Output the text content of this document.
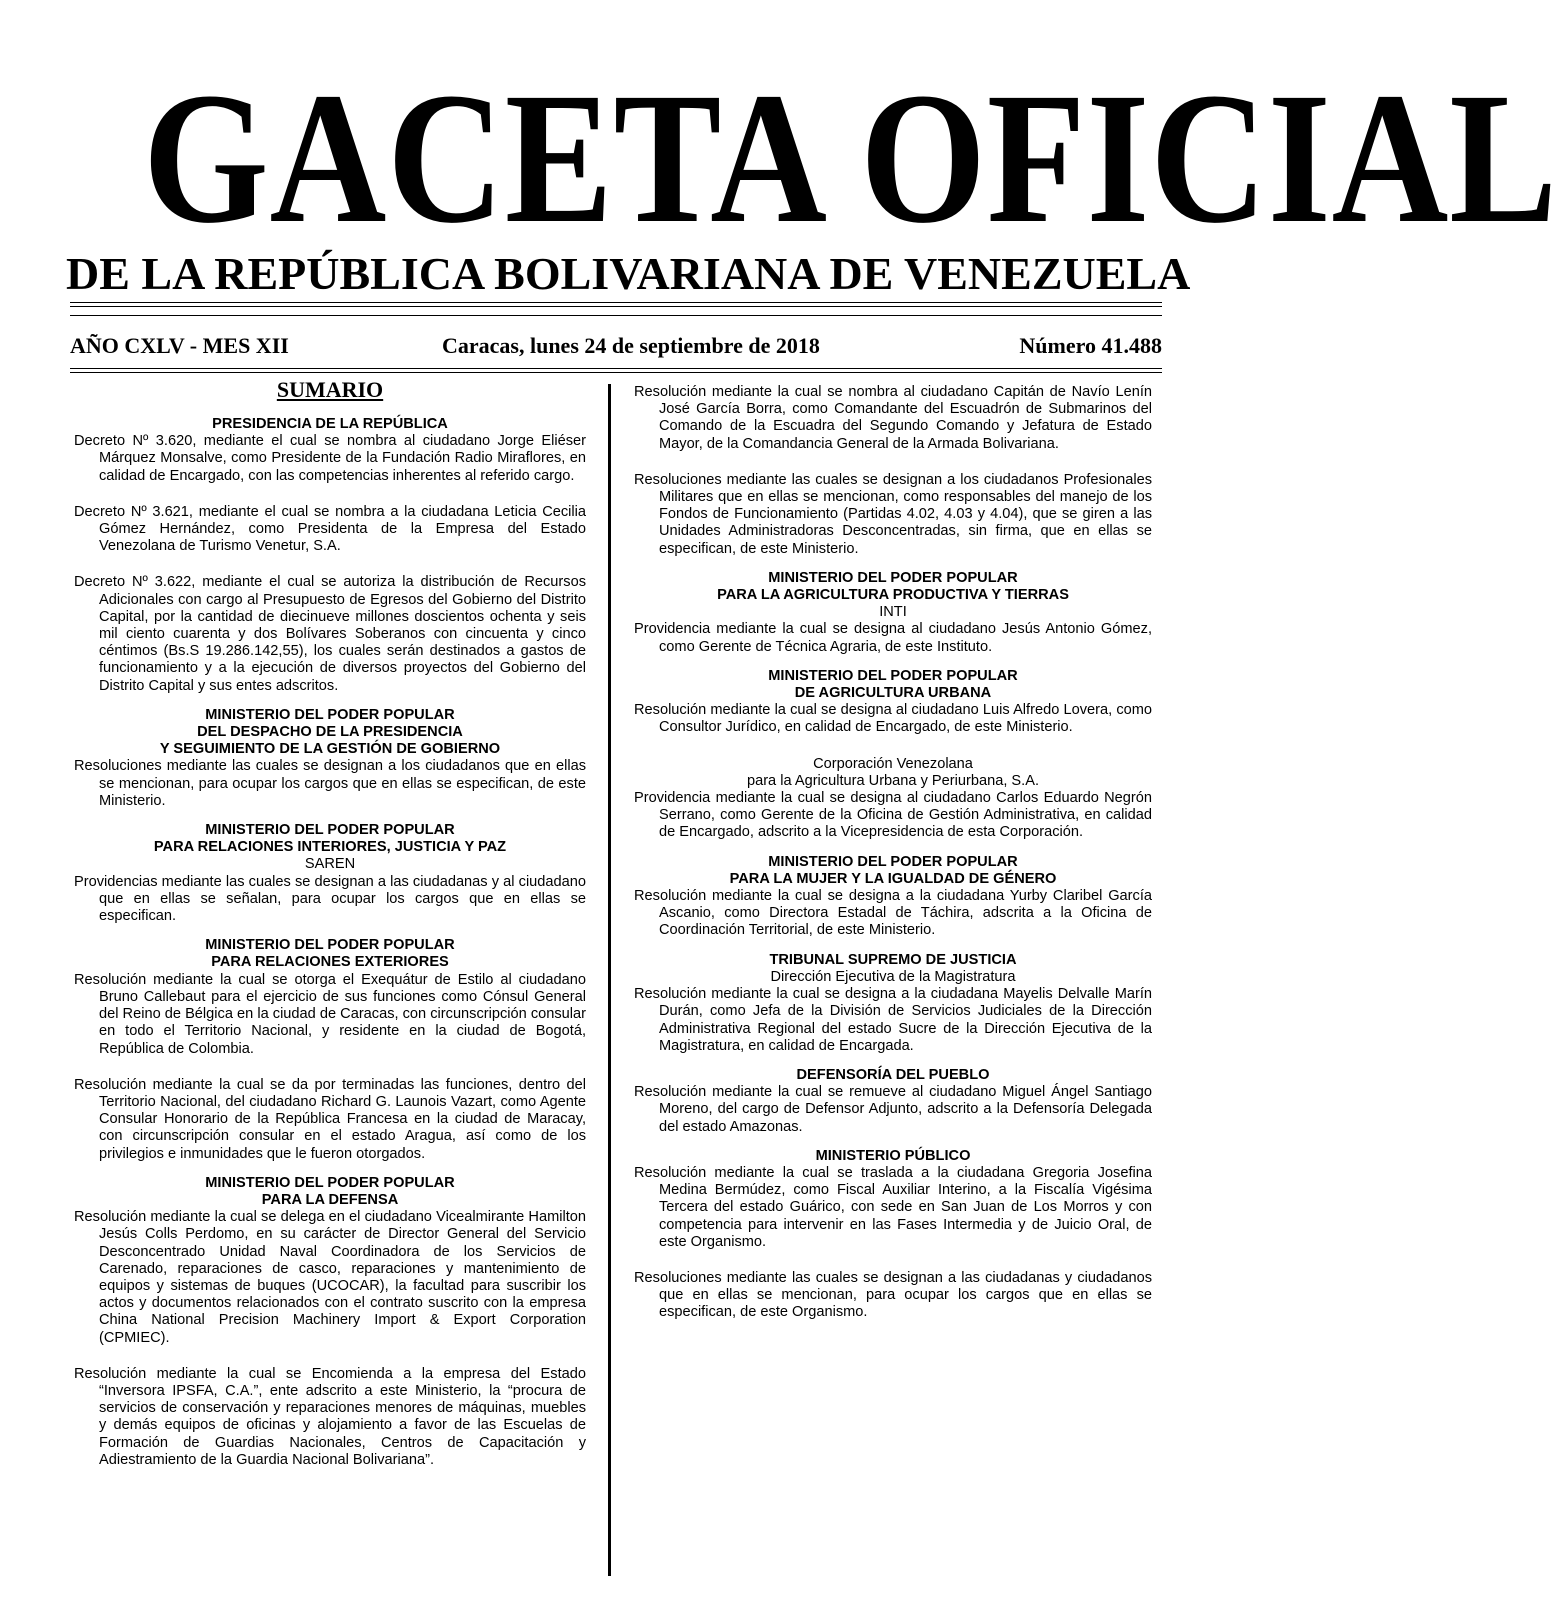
GACETA OFICIAL
DE LA REPÚBLICA BOLIVARIANA DE VENEZUELA
AÑO CXLV - MES XII	Caracas, lunes 24 de septiembre de 2018	Número 41.488
SUMARIO
PRESIDENCIA DE LA REPÚBLICA
Decreto Nº 3.620, mediante el cual se nombra al ciudadano Jorge Eliéser Márquez Monsalve, como Presidente de la Fundación Radio Miraflores, en calidad de Encargado, con las competencias inherentes al referido cargo.
Decreto Nº 3.621, mediante el cual se nombra a la ciudadana Leticia Cecilia Gómez Hernández, como Presidenta de la Empresa del Estado Venezolana de Turismo Venetur, S.A.
Decreto Nº 3.622, mediante el cual se autoriza la distribución de Recursos Adicionales con cargo al Presupuesto de Egresos del Gobierno del Distrito Capital, por la cantidad de diecinueve millones doscientos ochenta y seis mil ciento cuarenta y dos Bolívares Soberanos con cincuenta y cinco céntimos (Bs.S 19.286.142,55), los cuales serán destinados a gastos de funcionamiento y a la ejecución de diversos proyectos del Gobierno del Distrito Capital y sus entes adscritos.
MINISTERIO DEL PODER POPULAR
DEL DESPACHO DE LA PRESIDENCIA
Y SEGUIMIENTO DE LA GESTIÓN DE GOBIERNO
Resoluciones mediante las cuales se designan a los ciudadanos que en ellas se mencionan, para ocupar los cargos que en ellas se especifican, de este Ministerio.
MINISTERIO DEL PODER POPULAR
PARA RELACIONES INTERIORES, JUSTICIA Y PAZ
SAREN
Providencias mediante las cuales se designan a las ciudadanas y al ciudadano que en ellas se señalan, para ocupar los cargos que en ellas se especifican.
MINISTERIO DEL PODER POPULAR
PARA RELACIONES EXTERIORES
Resolución mediante la cual se otorga el Exequátur de Estilo al ciudadano Bruno Callebaut para el ejercicio de sus funciones como Cónsul General del Reino de Bélgica en la ciudad de Caracas, con circunscripción consular en todo el Territorio Nacional, y residente en la ciudad de Bogotá, República de Colombia.
Resolución mediante la cual se da por terminadas las funciones, dentro del Territorio Nacional, del ciudadano Richard G. Launois Vazart, como Agente Consular Honorario de la República Francesa en la ciudad de Maracay, con circunscripción consular en el estado Aragua, así como de los privilegios e inmunidades que le fueron otorgados.
MINISTERIO DEL PODER POPULAR
PARA LA DEFENSA
Resolución mediante la cual se delega en el ciudadano Vicealmirante Hamilton Jesús Colls Perdomo, en su carácter de Director General del Servicio Desconcentrado Unidad Naval Coordinadora de los Servicios de Carenado, reparaciones de casco, reparaciones y mantenimiento de equipos y sistemas de buques (UCOCAR), la facultad para suscribir los actos y documentos relacionados con el contrato suscrito con la empresa China National Precision Machinery Import & Export Corporation (CPMIEC).
Resolución mediante la cual se Encomienda a la empresa del Estado “Inversora IPSFA, C.A.”, ente adscrito a este Ministerio, la “procura de servicios de conservación y reparaciones menores de máquinas, muebles y demás equipos de oficinas y alojamiento a favor de las Escuelas de Formación de Guardias Nacionales, Centros de Capacitación y Adiestramiento de la Guardia Nacional Bolivariana”.
Resolución mediante la cual se nombra al ciudadano Capitán de Navío Lenín José García Borra, como Comandante del Escuadrón de Submarinos del Comando de la Escuadra del Segundo Comando y Jefatura de Estado Mayor, de la Comandancia General de la Armada Bolivariana.
Resoluciones mediante las cuales se designan a los ciudadanos Profesionales Militares que en ellas se mencionan, como responsables del manejo de los Fondos de Funcionamiento (Partidas 4.02, 4.03 y 4.04), que se giren a las Unidades Administradoras Desconcentradas, sin firma, que en ellas se especifican, de este Ministerio.
MINISTERIO DEL PODER POPULAR
PARA LA AGRICULTURA PRODUCTIVA Y TIERRAS
INTI
Providencia mediante la cual se designa al ciudadano Jesús Antonio Gómez, como Gerente de Técnica Agraria, de este Instituto.
MINISTERIO DEL PODER POPULAR
DE AGRICULTURA URBANA
Resolución mediante la cual se designa al ciudadano Luis Alfredo Lovera, como Consultor Jurídico, en calidad de Encargado, de este Ministerio.
Corporación Venezolana
para la Agricultura Urbana y Periurbana, S.A.
Providencia mediante la cual se designa al ciudadano Carlos Eduardo Negrón Serrano, como Gerente de la Oficina de Gestión Administrativa, en calidad de Encargado, adscrito a la Vicepresidencia de esta Corporación.
MINISTERIO DEL PODER POPULAR
PARA LA MUJER Y LA IGUALDAD DE GÉNERO
Resolución mediante la cual se designa a la ciudadana Yurby Claribel García Ascanio, como Directora Estadal de Táchira, adscrita a la Oficina de Coordinación Territorial, de este Ministerio.
TRIBUNAL SUPREMO DE JUSTICIA
Dirección Ejecutiva de la Magistratura
Resolución mediante la cual se designa a la ciudadana Mayelis Delvalle Marín Durán, como Jefa de la División de Servicios Judiciales de la Dirección Administrativa Regional del estado Sucre de la Dirección Ejecutiva de la Magistratura, en calidad de Encargada.
DEFENSORÍA DEL PUEBLO
Resolución mediante la cual se remueve al ciudadano Miguel Ángel Santiago Moreno, del cargo de Defensor Adjunto, adscrito a la Defensoría Delegada del estado Amazonas.
MINISTERIO PÚBLICO
Resolución mediante la cual se traslada a la ciudadana Gregoria Josefina Medina Bermúdez, como Fiscal Auxiliar Interino, a la Fiscalía Vigésima Tercera del estado Guárico, con sede en San Juan de Los Morros y con competencia para intervenir en las Fases Intermedia y de Juicio Oral, de este Organismo.
Resoluciones mediante las cuales se designan a las ciudadanas y ciudadanos que en ellas se mencionan, para ocupar los cargos que en ellas se especifican, de este Organismo.
